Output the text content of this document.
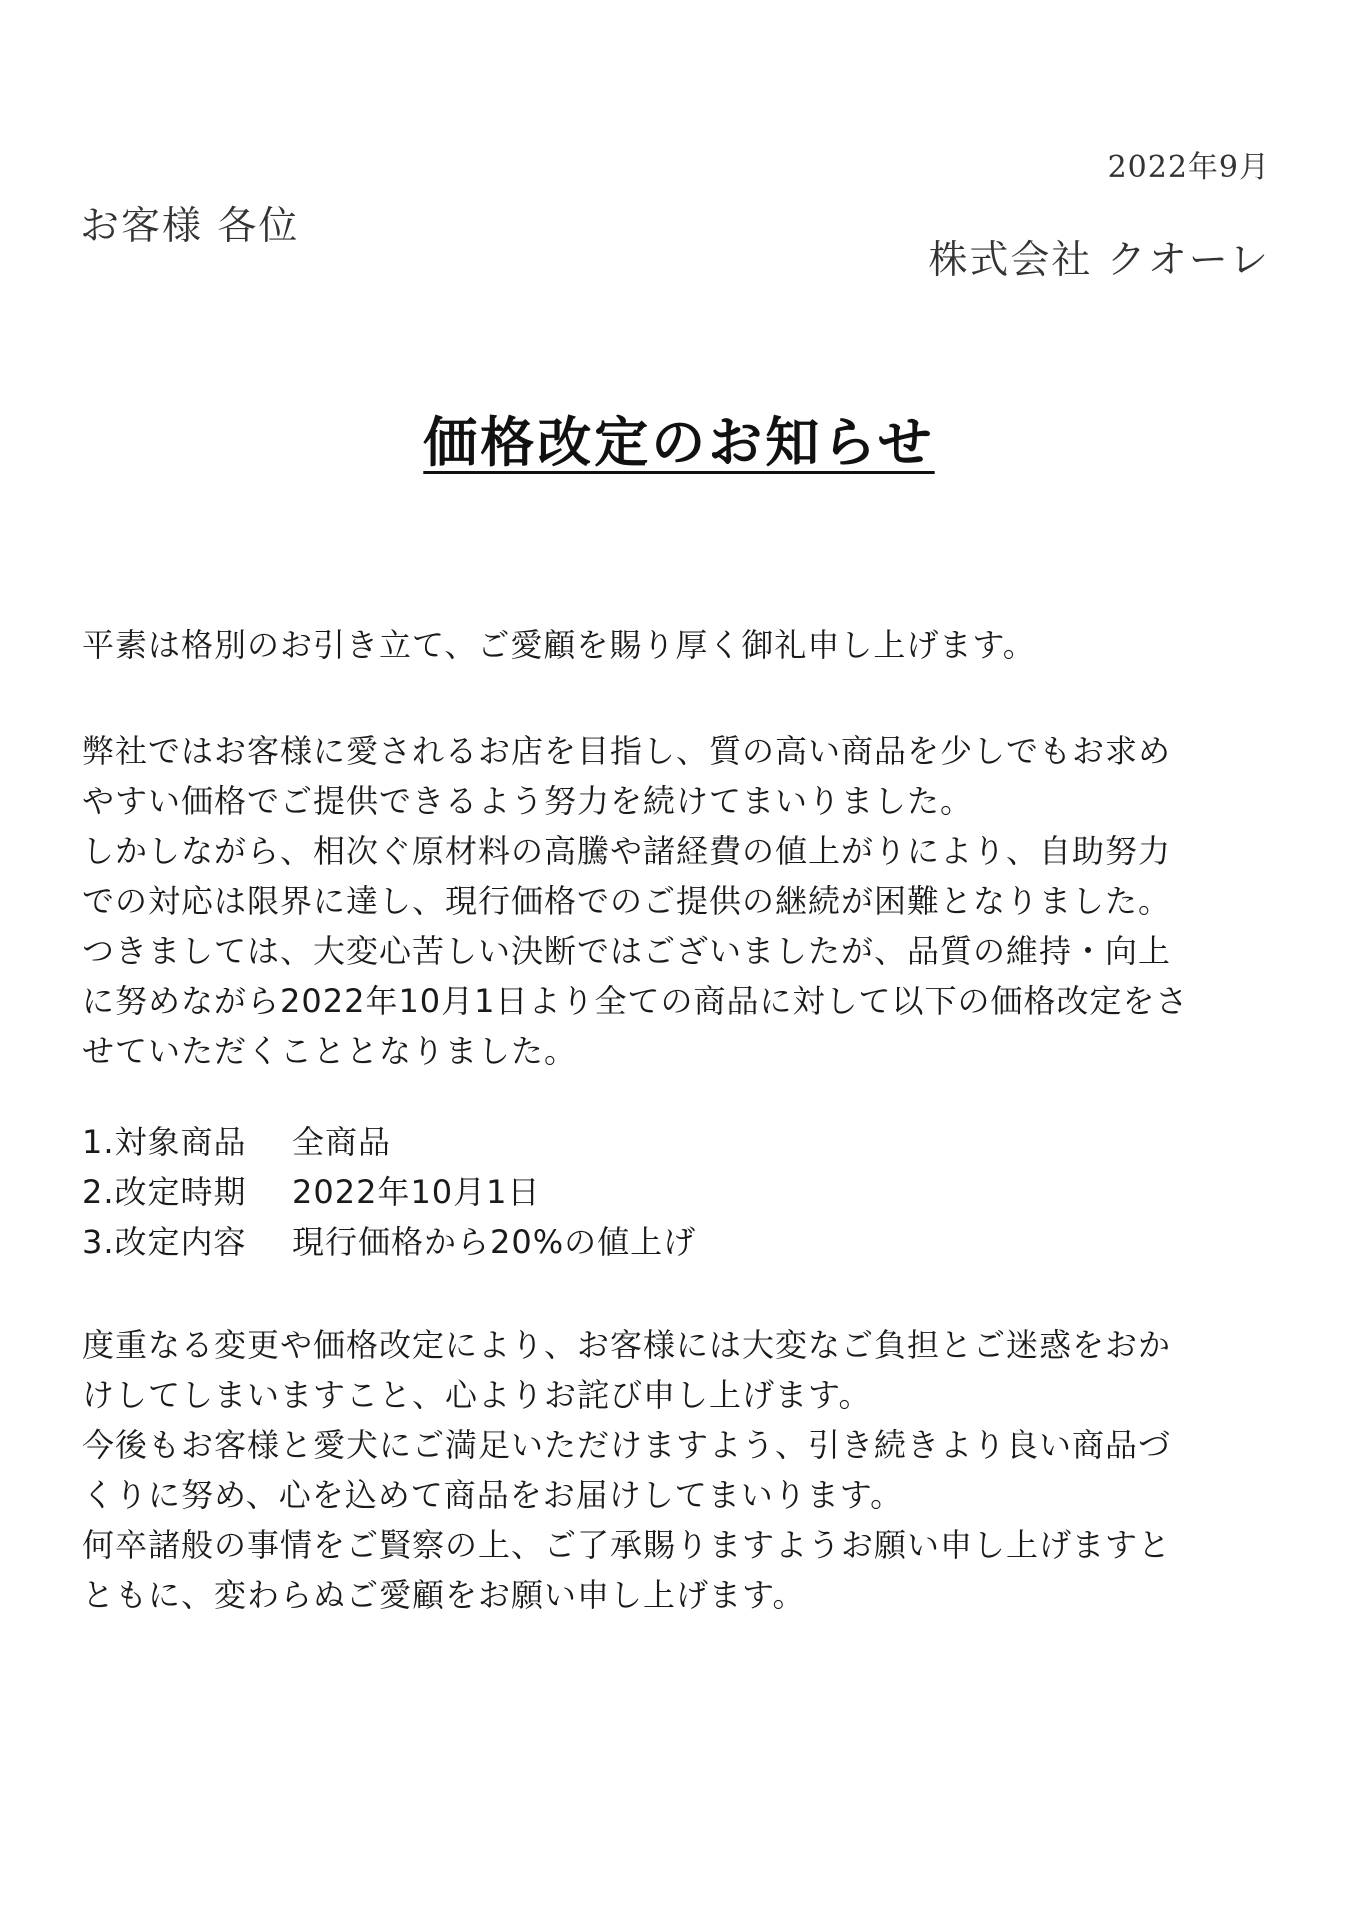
2022年9月
お客様 各位
株式会社 クオーレ
価格改定のお知らせ
平素は格別のお引き立て、ご愛顧を賜り厚く御礼申し上げます。
弊社ではお客様に愛されるお店を目指し、質の高い商品を少しでもお求め
やすい価格でご提供できるよう努力を続けてまいりました。
しかしながら、相次ぐ原材料の高騰や諸経費の値上がりにより、自助努力
での対応は限界に達し、現行価格でのご提供の継続が困難となりました。
つきましては、大変心苦しい決断ではございましたが、品質の維持・向上
に努めながら2022年10月1日より全ての商品に対して以下の価格改定をさ
せていただくこととなりました。
1.対象商品 全商品
2.改定時期 2022年10月1日
3.改定内容 現行価格から20%の値上げ
度重なる変更や価格改定により、お客様には大変なご負担とご迷惑をおか
けしてしまいますこと、心よりお詫び申し上げます。
今後もお客様と愛犬にご満足いただけますよう、引き続きより良い商品づ
くりに努め、心を込めて商品をお届けしてまいります。
何卒諸般の事情をご賢察の上、ご了承賜りますようお願い申し上げますと
ともに、変わらぬご愛顧をお願い申し上げます。
